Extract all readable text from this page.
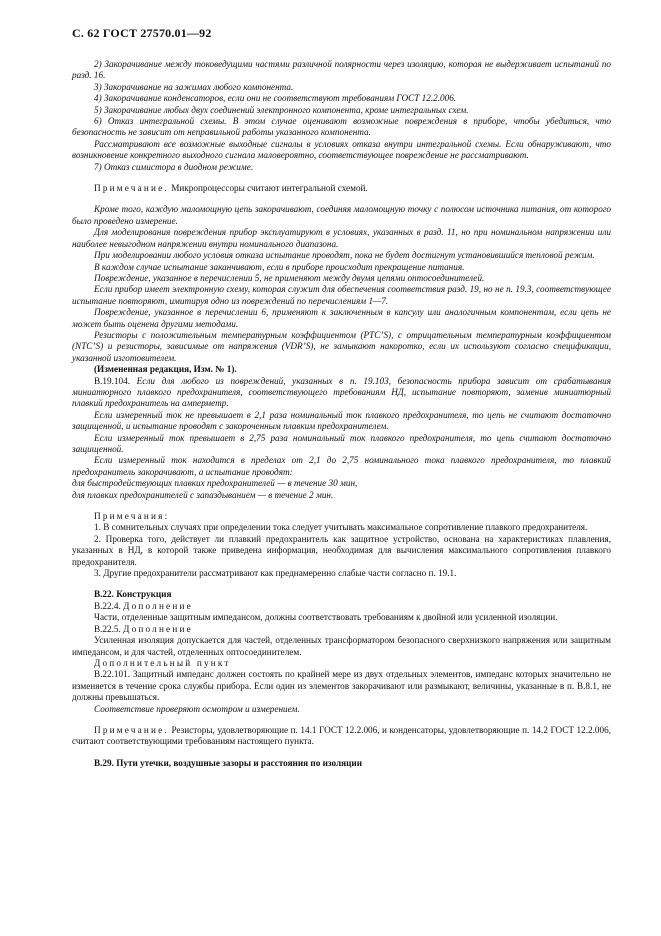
С. 62 ГОСТ 27570.01—92

2) Закорачивание между токоведущими частями различной полярности через изоляцию, которая не выдерживает испытаний по разд. 16.

3) Закорачивание на зажимах любого компонента.

4) Закорачивание конденсаторов, если они не соответствуют требованиям ГОСТ 12.2.006.

5) Закорачивание любых двух соединений электронного компонента, кроме интегральных схем.

6) Отказ интегральной схемы. В этом случае оценивают возможные повреждения в приборе, чтобы убедиться, что безопасность не зависит от неправильной работы указанного компонента.

Рассматривают все возможные выходные сигналы в условиях отказа внутри интегральной схемы. Если обнаруживают, что возникновение конкретного выходного сигнала маловероятно, соответствующее повреждение не рассматривают.

7) Отказ симистора в диодном режиме.

Примечание. Микропроцессоры считают интегральной схемой.

Кроме того, каждую маломощную цепь закорачивают, соединяя маломощную точку с полюсом источника питания, от которого было проведено измерение.

Для моделирования повреждения прибор эксплуатируют в условиях, указанных в разд. 11, но при номинальном напряжении или наиболее невыгодном напряжении внутри номинального диапазона.

При моделировании любого условия отказа испытание проводят, пока не будет достигнут установившийся тепловой режим.

В каждом случае испытание заканчивают, если в приборе происходит прекращение питания.

Повреждение, указанное в перечислении 5, не применяют между двумя цепями оптосоединителей.

Если прибор имеет электронную схему, которая служит для обеспечения соответствия разд. 19, но не п. 19.3, соответствующее испытание повторяют, имитируя одно из повреждений по перечислениям 1—7.

Повреждение, указанное в перечислении 6, применяют к заключенным в капсулу или аналогичным компонентам, если цепь не может быть оценена другими методами.

Резисторы с положительным температурным коэффициентом (PTC’S), с отрицательным температурным коэффициентом (NTC’S) и резисторы, зависимые от напряжения (VDR’S), не замыкают накоротко, если их используют согласно спецификации, указанной изготовителем.

(Измененная редакция, Изм. № 1).

В.19.104. Если для любого из повреждений, указанных в п. 19.103, безопасность прибора зависит от срабатывания миниатюрного плавкого предохранителя, соответствующего требованиям НД, испытание повторяют, заменив миниатюрный плавкий предохранитель на амперметр.

Если измеренный ток не превышает в 2,1 раза номинальный ток плавкого предохранителя, то цепь не считают достаточно защищенной, и испытание проводят с закороченным плавким предохранителем.

Если измеренный ток превышает в 2,75 раза номинальный ток плавкого предохранителя, то цепь считают достаточно защищенной.

Если измеренный ток находится в пределах от 2,1 до 2,75 номинального тока плавкого предохранителя, то плавкий предохранитель закорачивают, а испытание проводят:

для быстродействующих плавких предохранителей — в течение 30 мин,

для плавких предохранителей с запаздыванием — в течение 2 мин.

Примечания:

1. В сомнительных случаях при определении тока следует учитывать максимальное сопротивление плавкого предохранителя.

2. Проверка того, действует ли плавкий предохранитель как защитное устройство, основана на характеристиках плавления, указанных в НД, в которой также приведена информация, необходимая для вычисления максимального сопротивления плавкого предохранителя.

3. Другие предохранители рассматривают как преднамеренно слабые части согласно п. 19.1.

В.22. Конструкция

В.22.4. Дополнение

Части, отделенные защитным импедансом, должны соответствовать требованиям к двойной или усиленной изоляции.

В.22.5. Дополнение

Усиленная изоляция допускается для частей, отделенных трансформатором безопасного сверхнизкого напряжения или защитным импедансом, и для частей, отделенных оптосоединителем.

Дополнительный пункт

В.22.101. Защитный импеданс должен состоять по крайней мере из двух отдельных элементов, импеданс которых значительно не изменяется в течение срока службы прибора. Если один из элементов закорачивают или размыкают, величины, указанные в п. В.8.1, не должны превышаться.

Соответствие проверяют осмотром и измерением.

Примечание. Резисторы, удовлетворяющие п. 14.1 ГОСТ 12.2.006, и конденсаторы, удовлетворяющие п. 14.2 ГОСТ 12.2.006, считают соответствующими требованиям настоящего пункта.

В.29. Пути утечки, воздушные зазоры и расстояния по изоляции
